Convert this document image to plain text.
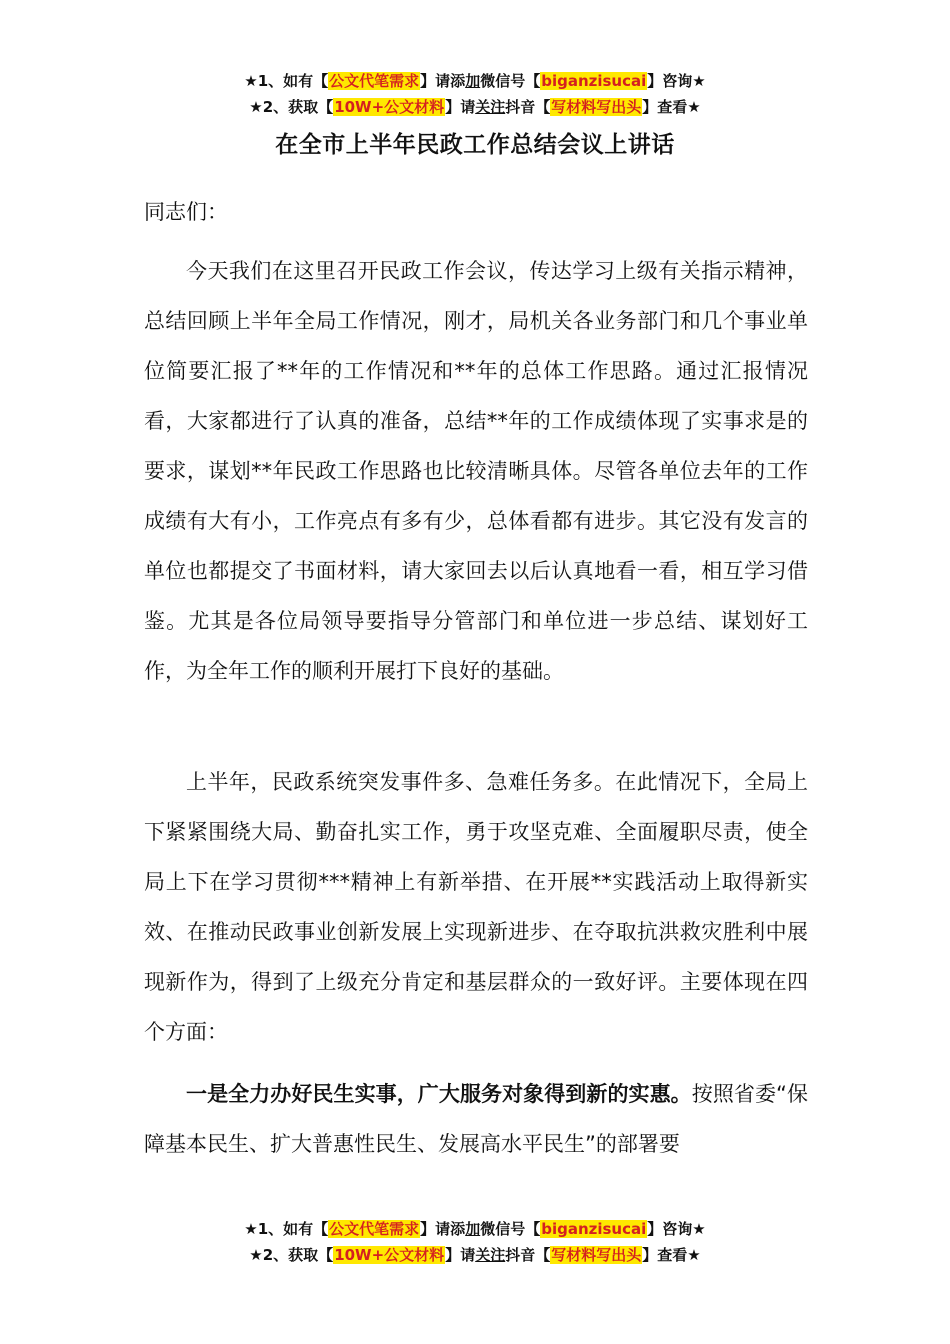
★1、如有【公文代笔需求】请添加微信号【biganzisucai】咨询★
★2、获取【10W+公文材料】请关注抖音【写材料写出头】查看★
在全市上半年民政工作总结会议上讲话
同志们：

今天我们在这里召开民政工作会议，传达学习上级有关指示精神，总结回顾上半年全局工作情况，刚才，局机关各业务部门和几个事业单位简要汇报了**年的工作情况和**年的总体工作思路。通过汇报情况看，大家都进行了认真的准备，总结**年的工作成绩体现了实事求是的要求，谋划**年民政工作思路也比较清晰具体。尽管各单位去年的工作成绩有大有小，工作亮点有多有少，总体看都有进步。其它没有发言的单位也都提交了书面材料，请大家回去以后认真地看一看，相互学习借鉴。尤其是各位局领导要指导分管部门和单位进一步总结、谋划好工作，为全年工作的顺利开展打下良好的基础。

上半年，民政系统突发事件多、急难任务多。在此情况下，全局上下紧紧围绕大局、勤奋扎实工作，勇于攻坚克难、全面履职尽责，使全局上下在学习贯彻***精神上有新举措、在开展**实践活动上取得新实效、在推动民政事业创新发展上实现新进步、在夺取抗洪救灾胜利中展现新作为，得到了上级充分肯定和基层群众的一致好评。主要体现在四个方面：

一是全力办好民生实事，广大服务对象得到新的实惠。按照省委“保障基本民生、扩大普惠性民生、发展高水平民生”的部署要

★1、如有【公文代笔需求】请添加微信号【biganzisucai】咨询★
★2、获取【10W+公文材料】请关注抖音【写材料写出头】查看★
